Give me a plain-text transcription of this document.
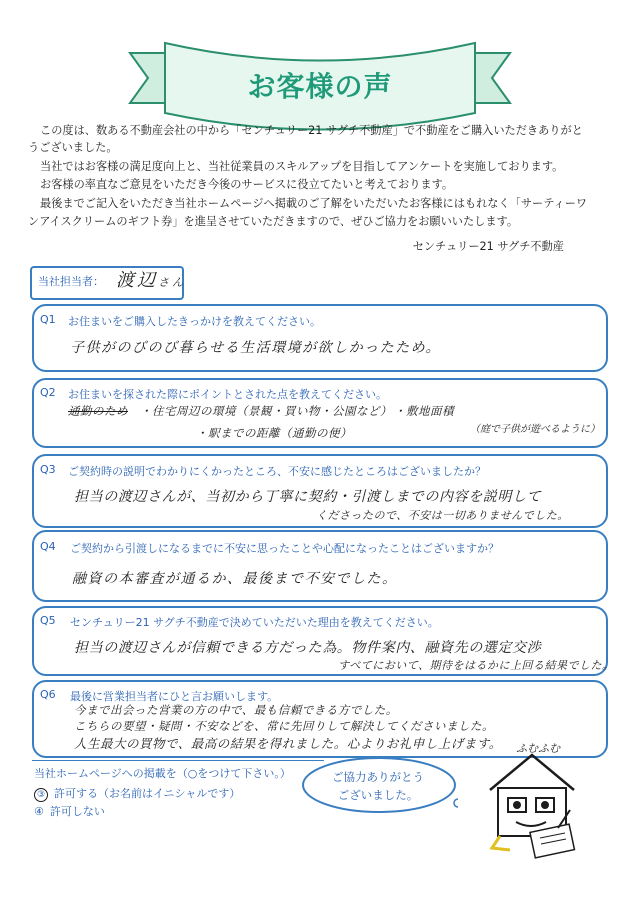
お客様の声
この度は、数ある不動産会社の中から「センチュリー21 サグチ不動産」で不動産をご購入いただきありがと
うございました。
当社ではお客様の満足度向上と、当社従業員のスキルアップを目指してアンケートを実施しております。
お客様の率直なご意見をいただき今後のサービスに役立てたいと考えております。
最後までご記入をいただき当社ホームページへ掲載のご了解をいただいたお客様にはもれなく「サーティーワ
ンアイスクリームのギフト券」を進呈させていただきますので、ぜひご協力をお願いいたします。
センチュリー21 サグチ不動産
当社担当者： 渡辺さん
Q1 お住まいをご購入したきっかけを教えてください。
子供がのびのび暮らせる生活環境が欲しかったため。
Q2 お住まいを探された際にポイントとされた点を教えてください。
通勤のため ・住宅周辺の環境（景観・買い物・公園など） ・敷地面積
・駅までの距離（通勤の便）	（庭で子供が遊べるように）
Q3 ご契約時の説明でわかりにくかったところ、不安に感じたところはございましたか？
担当の渡辺さんが、当初から丁寧に契約・引渡しまでの内容を説明して
くださったので、不安は一切ありませんでした。
Q4 ご契約から引渡しになるまでに不安に思ったことや心配になったことはございますか？
融資の本審査が通るか、最後まで不安でした。
Q5 センチュリー21 サグチ不動産で決めていただいた理由を教えてください。
担当の渡辺さんが信頼できる方だった為。物件案内、融資先の選定交渉
すべてにおいて、期待をはるかに上回る結果でした。
Q6 最後に営業担当者にひと言お願いします。
今まで出会った営業の方の中で、最も信頼できる方でした。
こちらの要望・疑問・不安などを、常に先回りして解決してくださいました。
人生最大の買物で、最高の結果を得れました。心よりお礼申し上げます。
当社ホームページへの掲載を（○をつけて下さい。）
③ 許可する（お名前はイニシャルです）
④ 許可しない
ご協力ありがとう
ございました。
ふむふむ
